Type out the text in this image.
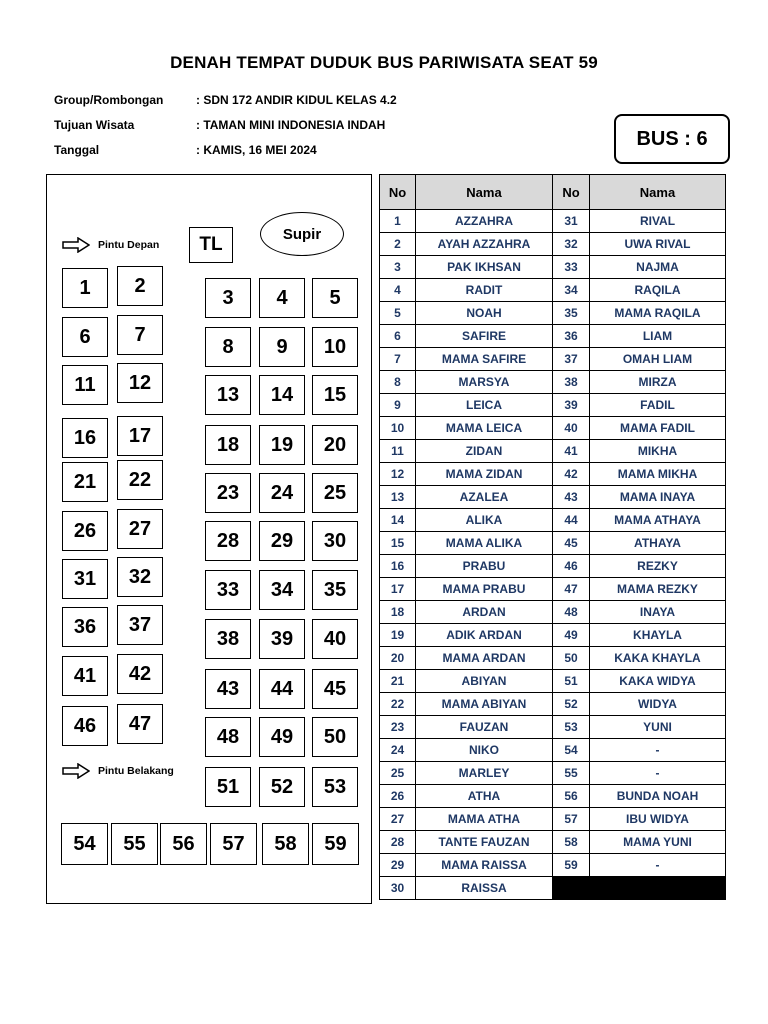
DENAH TEMPAT DUDUK BUS PARIWISATA SEAT 59
Group/Rombongan	: SDN 172 ANDIR KIDUL KELAS 4.2
Tujuan Wisata	: TAMAN MINI INDONESIA INDAH
Tanggal	: KAMIS, 16 MEI 2024
BUS : 6
Pintu Depan	TL	Supir
Pintu Belakang
1	2
3	4	5
6	7
8	9	10
11	12
13	14	15
16	17	18	19	20
21	22
23	24	25
26	27
28	29	30
31	32
33	34	35
36	37
38	39	40
41	42
43	44	45
46	47
48	49	50
51	52	53
54	55	56	57	58	59
No	Nama	No	Nama
1	AZZAHRA	31	RIVAL
2	AYAH AZZAHRA	32	UWA RIVAL
3	PAK IKHSAN	33	NAJMA
4	RADIT	34	RAQILA
5	NOAH	35	MAMA RAQILA
6	SAFIRE	36	LIAM
7	MAMA SAFIRE	37	OMAH LIAM
8	MARSYA	38	MIRZA
9	LEICA	39	FADIL
10	MAMA LEICA	40	MAMA FADIL
11	ZIDAN	41	MIKHA
12	MAMA ZIDAN	42	MAMA MIKHA
13	AZALEA	43	MAMA INAYA
14	ALIKA	44	MAMA ATHAYA
15	MAMA ALIKA	45	ATHAYA
16	PRABU	46	REZKY
17	MAMA PRABU	47	MAMA REZKY
18	ARDAN	48	INAYA
19	ADIK ARDAN	49	KHAYLA
20	MAMA ARDAN	50	KAKA KHAYLA
21	ABIYAN	51	KAKA WIDYA
22	MAMA ABIYAN	52	WIDYA
23	FAUZAN	53	YUNI
24	NIKO	54	-
25	MARLEY	55	-
26	ATHA	56	BUNDA NOAH
27	MAMA ATHA	57	IBU WIDYA
28	TANTE FAUZAN	58	MAMA YUNI
29	MAMA RAISSA	59	-
30	RAISSA		
